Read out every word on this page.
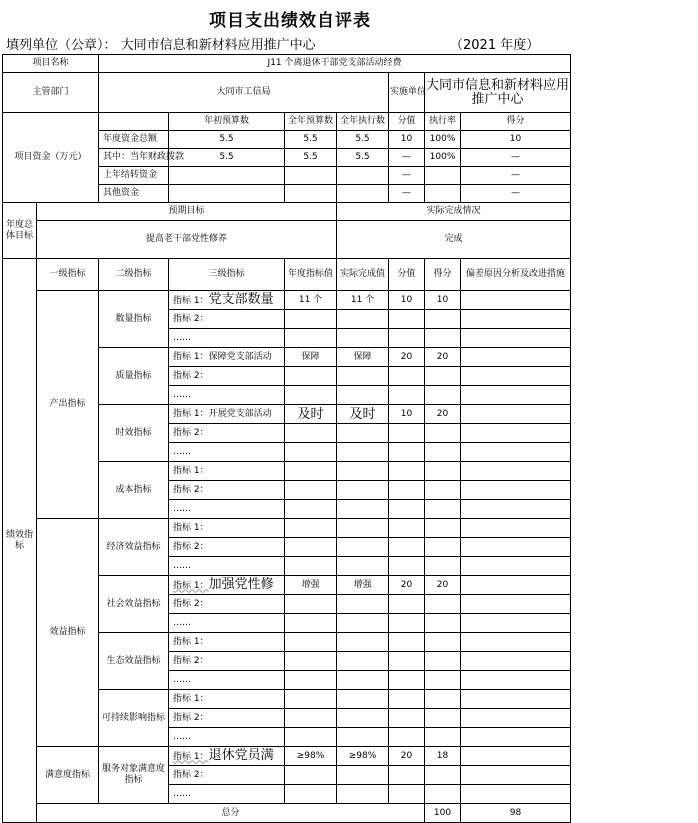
项目支出绩效自评表
填列单位（公章）： 大同市信息和新材料应用推广中心	（2021 年度）
项目名称		J11 个离退休干部党支部活动经费							
主管部门		大同市工信局				实施单位	大同市信息和新材料应用推广中心		
项目资金（万元）			年初预算数	全年预算数	全年执行数	分值	执行率	得分	
		年度资金总额	5.5	5.5	5.5	10	100%	10	
		其中：当年财政拨款	5.5	5.5	5.5	—	100%	—	
		上年结转资金				—		—	
		其他资金				—		—	
年度总体目标	预期目标				实际完成情况				
	提高老干部党性修养				完成				
绩效指标	一级指标	二级指标	三级指标	年度指标值	实际完成值	分值	得分	偏差原因分析及改进措施	
	产出指标	数量指标	指标 1：党支部数量	11 个	11 个	10	10		
			指标 2：						
			……						
		质量指标	指标 1：保障党支部活动	保障	保障	20	20		
			指标 2：						
			……						
		时效指标	指标 1：开展党支部活动	及时	及时	10	20		
			指标 2：						
			……						
		成本指标	指标 1：						
			指标 2：						
			……						
	效益指标	经济效益指标	指标 1：						
			指标 2：						
			……						
		社会效益指标	指标 1：加强党性修	增强	增强	20	20		
			指标 2：						
			……						
		生态效益指标	指标 1：						
			指标 2：						
			……						
		可持续影响指标	指标 1：						
			指标 2：						
			……						
	满意度指标	服务对象满意度指标	指标 1：退休党员满	≥98%	≥98%	20	18		
			指标 2：						
			……						
	总分						100	98	
